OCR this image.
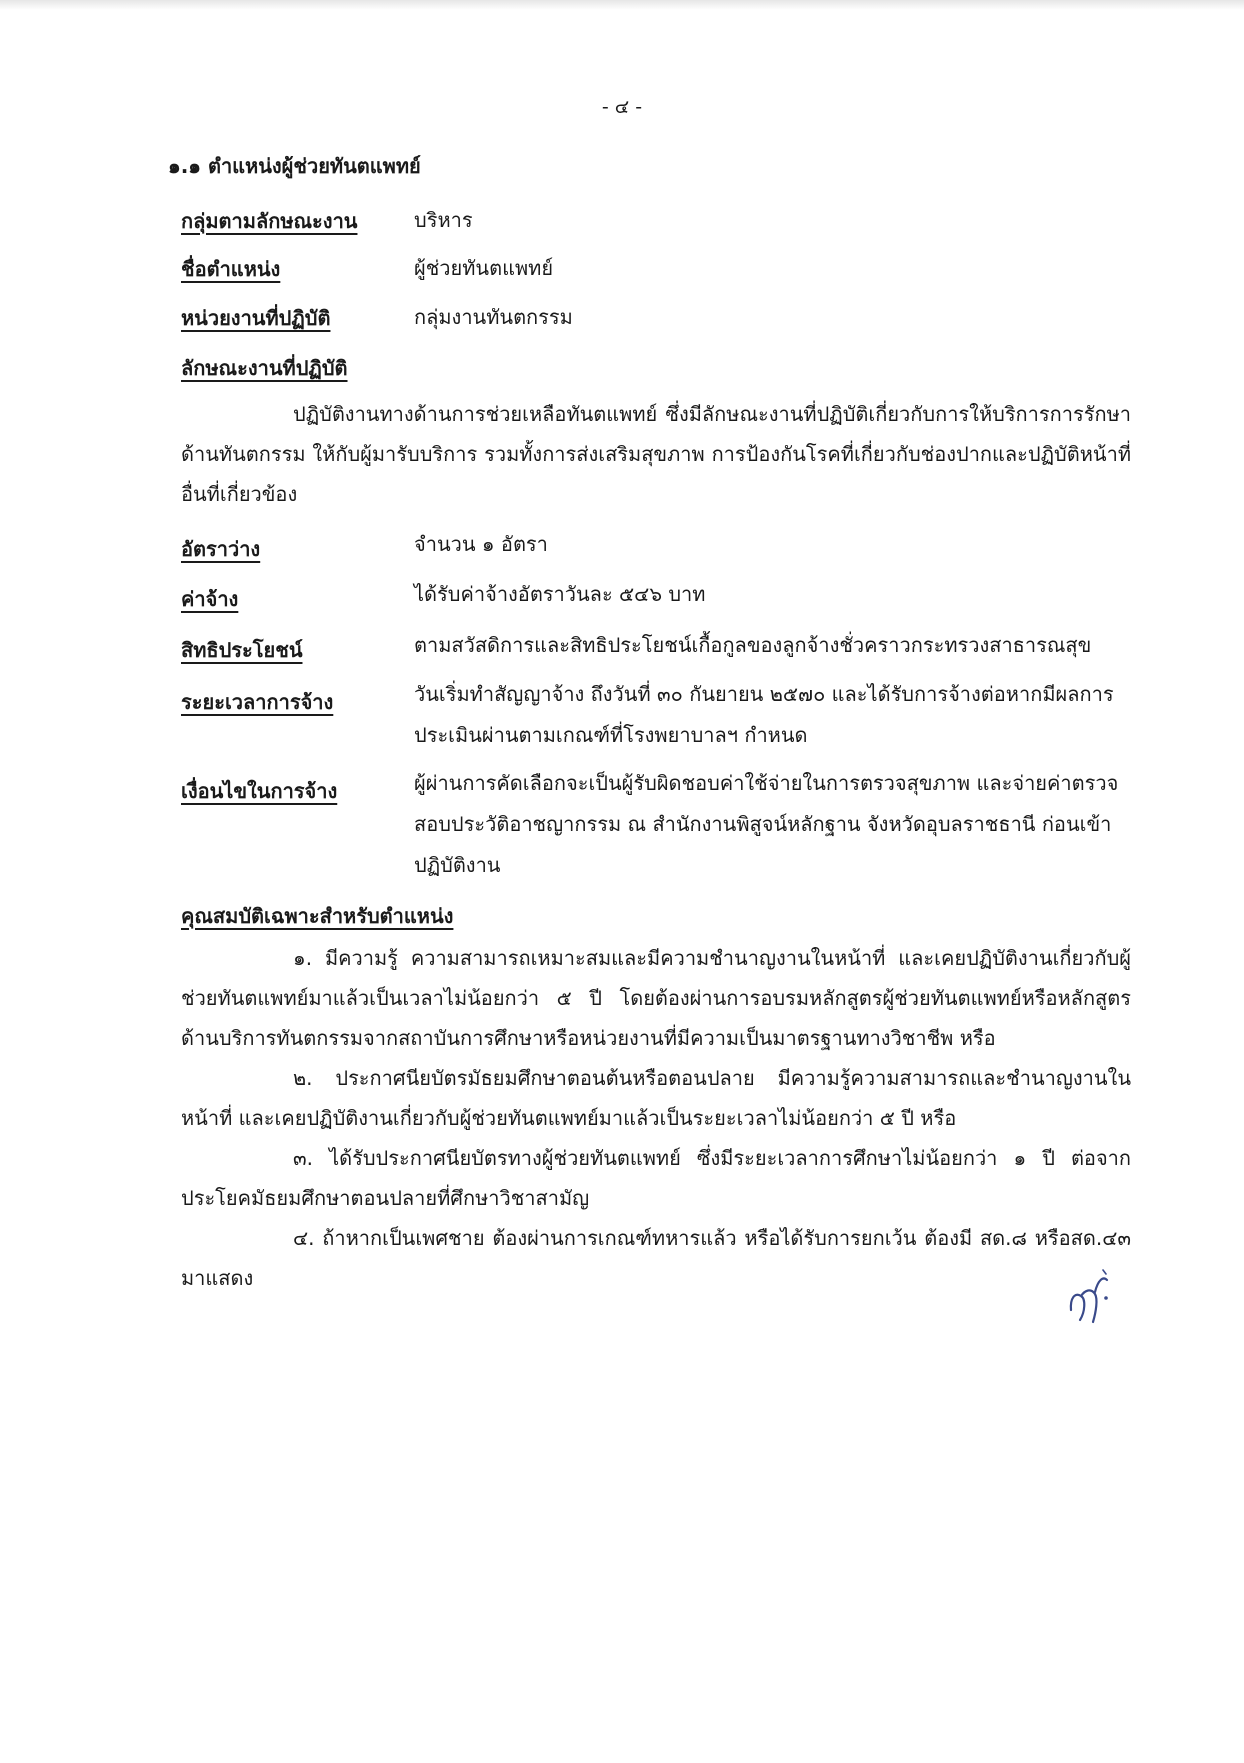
- ๔ -
๑.๑ ตำแหน่งผู้ช่วยทันตแพทย์
กลุ่มตามลักษณะงาน	บริหาร
ชื่อตำแหน่ง	ผู้ช่วยทันตแพทย์
หน่วยงานที่ปฏิบัติ	กลุ่มงานทันตกรรม
ลักษณะงานที่ปฏิบัติ
ปฏิบัติงานทางด้านการช่วยเหลือทันตแพทย์ ซึ่งมีลักษณะงานที่ปฏิบัติเกี่ยวกับการให้บริการการรักษาด้านทันตกรรม ให้กับผู้มารับบริการ รวมทั้งการส่งเสริมสุขภาพ การป้องกันโรคที่เกี่ยวกับช่องปากและปฏิบัติหน้าที่อื่นที่เกี่ยวข้อง
อัตราว่าง	จำนวน ๑ อัตรา
ค่าจ้าง	ได้รับค่าจ้างอัตราวันละ ๕๔๖ บาท
สิทธิประโยชน์	ตามสวัสดิการและสิทธิประโยชน์เกื้อกูลของลูกจ้างชั่วคราวกระทรวงสาธารณสุข
ระยะเวลาการจ้าง	วันเริ่มทำสัญญาจ้าง ถึงวันที่ ๓๐ กันยายน ๒๕๗๐ และได้รับการจ้างต่อหากมีผลการประเมินผ่านตามเกณฑ์ที่โรงพยาบาลฯ กำหนด
เงื่อนไขในการจ้าง	ผู้ผ่านการคัดเลือกจะเป็นผู้รับผิดชอบค่าใช้จ่ายในการตรวจสุขภาพ และจ่ายค่าตรวจสอบประวัติอาชญากรรม ณ สำนักงานพิสูจน์หลักฐาน จังหวัดอุบลราชธานี ก่อนเข้าปฏิบัติงาน
คุณสมบัติเฉพาะสำหรับตำแหน่ง
๑. มีความรู้ ความสามารถเหมาะสมและมีความชำนาญงานในหน้าที่ และเคยปฏิบัติงานเกี่ยวกับผู้ช่วยทันตแพทย์มาแล้วเป็นเวลาไม่น้อยกว่า ๕ ปี โดยต้องผ่านการอบรมหลักสูตรผู้ช่วยทันตแพทย์หรือหลักสูตรด้านบริการทันตกรรมจากสถาบันการศึกษาหรือหน่วยงานที่มีความเป็นมาตรฐานทางวิชาชีพ หรือ
๒. ประกาศนียบัตรมัธยมศึกษาตอนต้นหรือตอนปลาย มีความรู้ความสามารถและชำนาญงานในหน้าที่ และเคยปฏิบัติงานเกี่ยวกับผู้ช่วยทันตแพทย์มาแล้วเป็นระยะเวลาไม่น้อยกว่า ๕ ปี หรือ
๓. ได้รับประกาศนียบัตรทางผู้ช่วยทันตแพทย์ ซึ่งมีระยะเวลาการศึกษาไม่น้อยกว่า ๑ ปี ต่อจากประโยคมัธยมศึกษาตอนปลายที่ศึกษาวิชาสามัญ
๔. ถ้าหากเป็นเพศชาย ต้องผ่านการเกณฑ์ทหารแล้ว หรือได้รับการยกเว้น ต้องมี สด.๘ หรือสด.๔๓ มาแสดง
